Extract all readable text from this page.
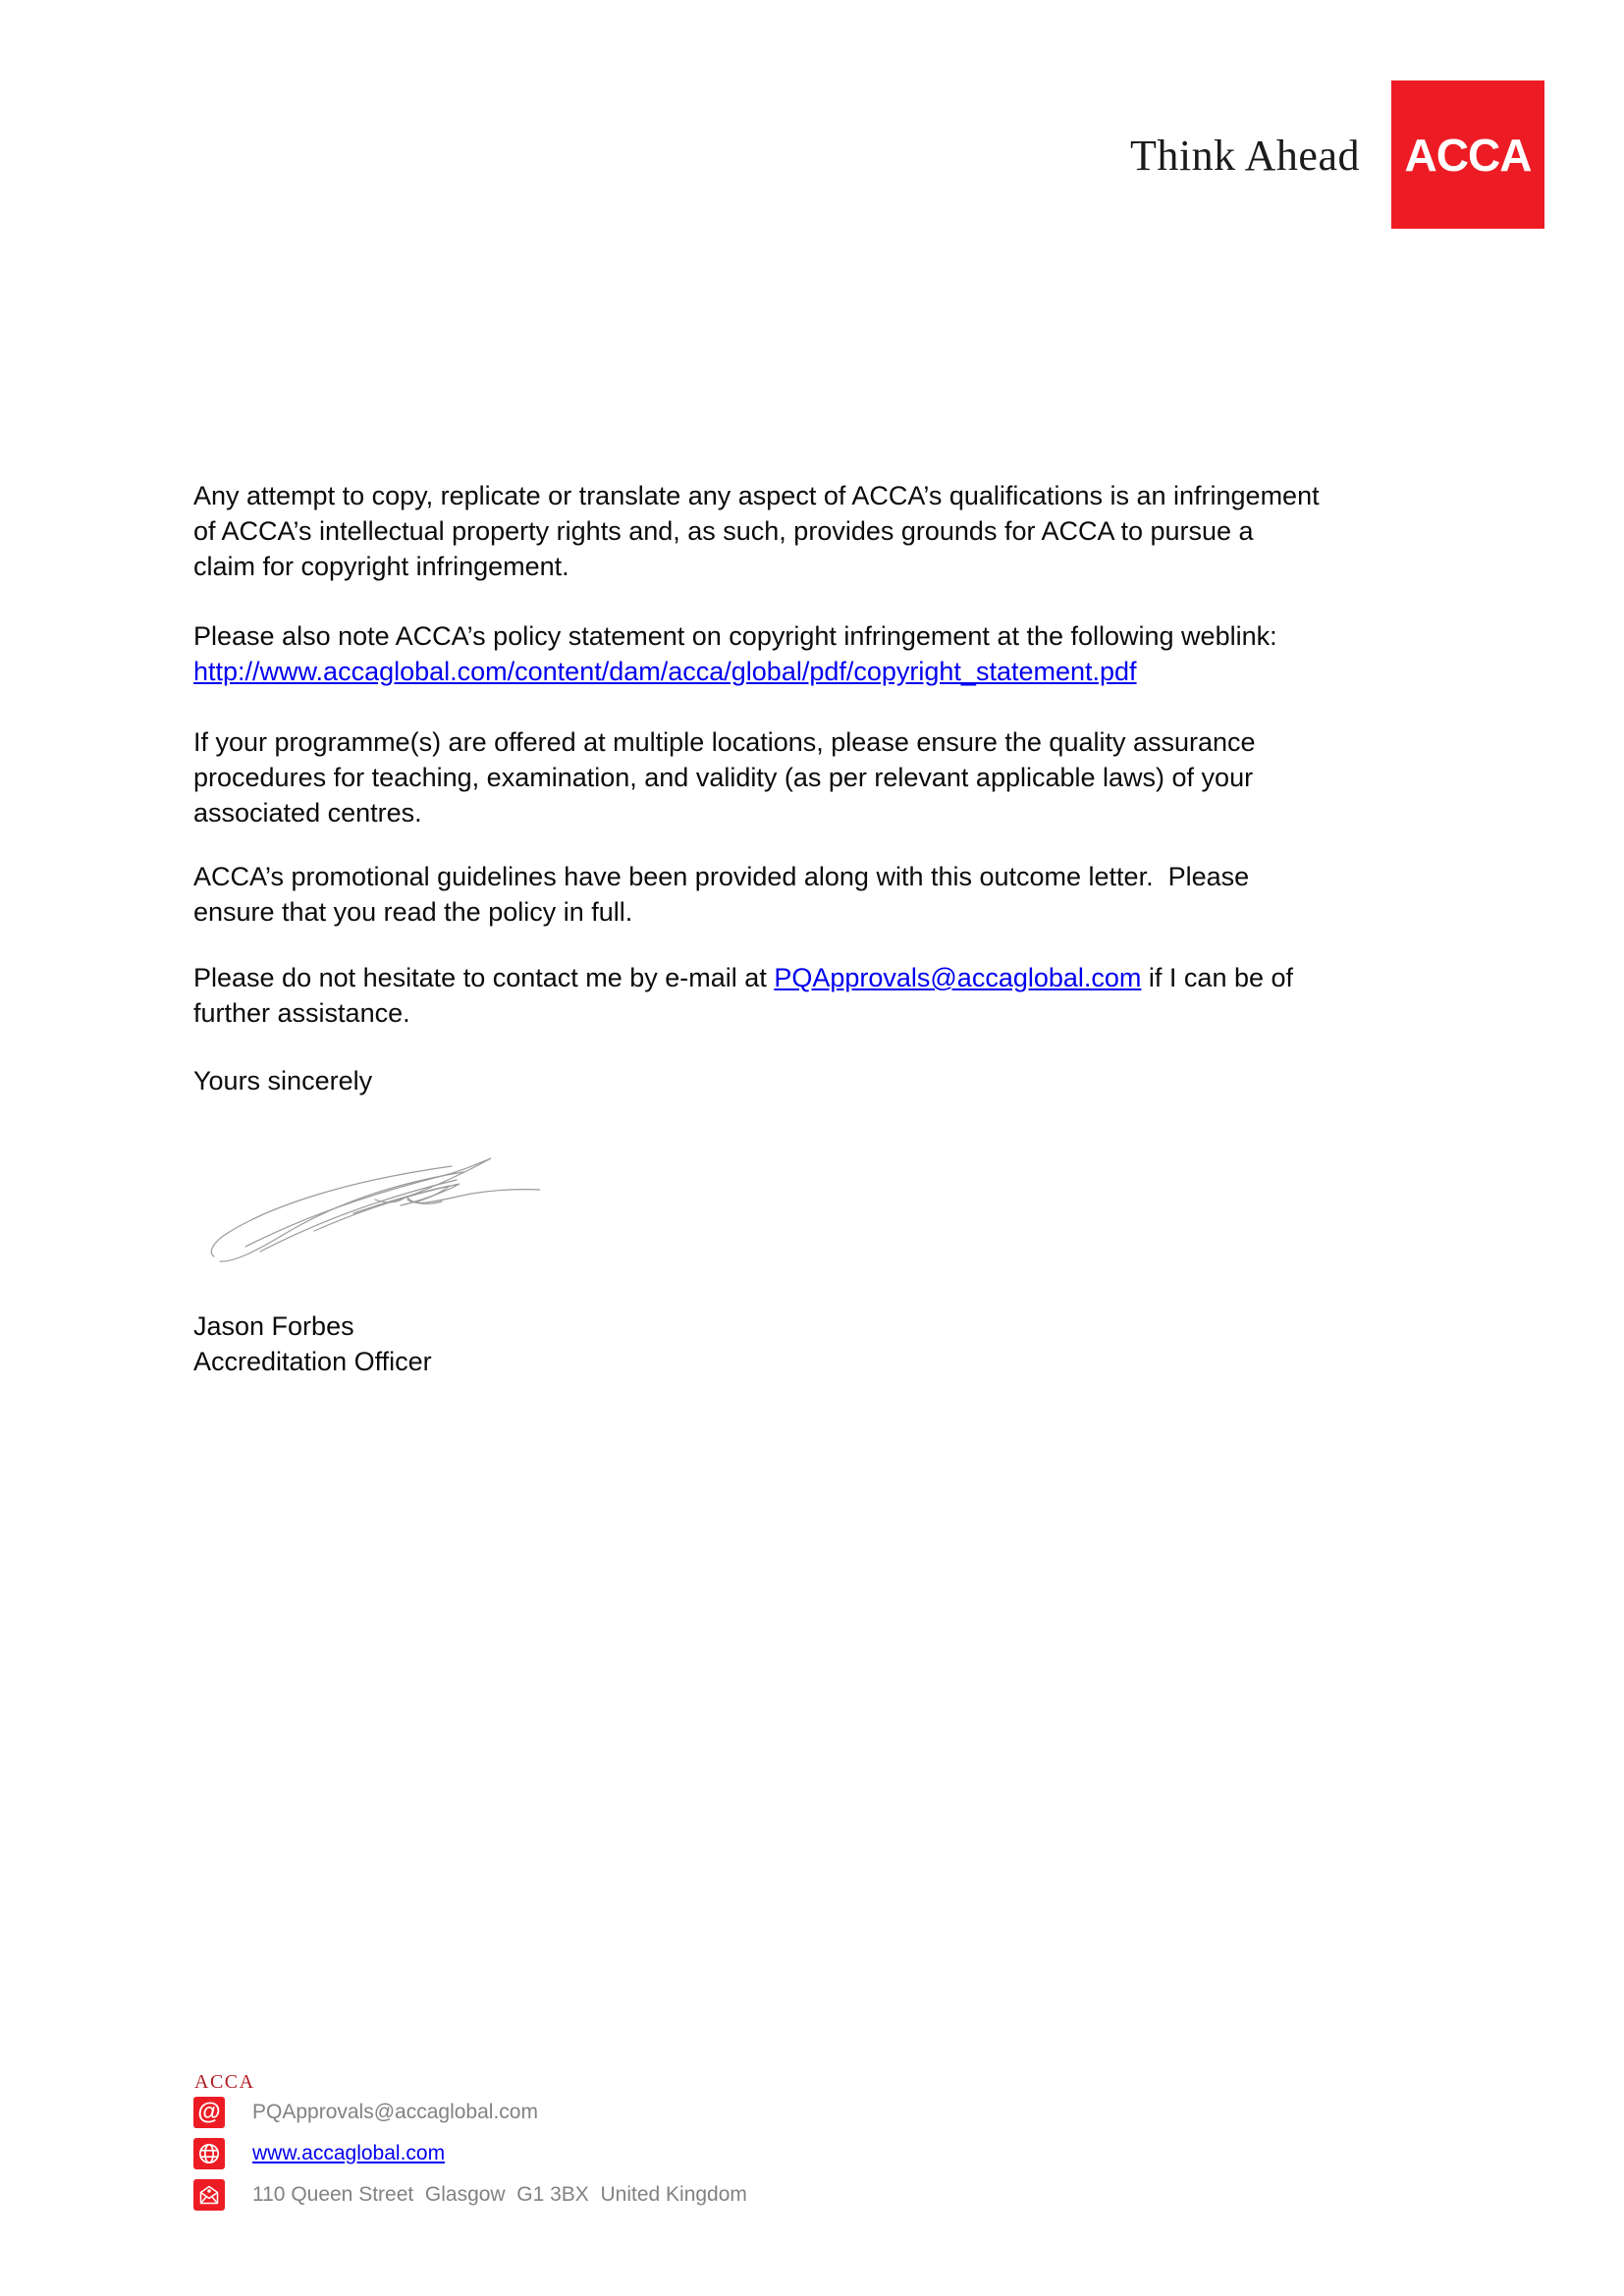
Think Ahead ACCA

Any attempt to copy, replicate or translate any aspect of ACCA’s qualifications is an infringement
of ACCA’s intellectual property rights and, as such, provides grounds for ACCA to pursue a
claim for copyright infringement.

Please also note ACCA’s policy statement on copyright infringement at the following weblink:
http://www.accaglobal.com/content/dam/acca/global/pdf/copyright_statement.pdf

If your programme(s) are offered at multiple locations, please ensure the quality assurance
procedures for teaching, examination, and validity (as per relevant applicable laws) of your
associated centres.

ACCA’s promotional guidelines have been provided along with this outcome letter.  Please
ensure that you read the policy in full.

Please do not hesitate to contact me by e-mail at PQApprovals@accaglobal.com if I can be of
further assistance.

Yours sincerely

Jason Forbes
Accreditation Officer

ACCA
@ PQApprovals@accaglobal.com
www.accaglobal.com
110 Queen Street  Glasgow  G1 3BX  United Kingdom
